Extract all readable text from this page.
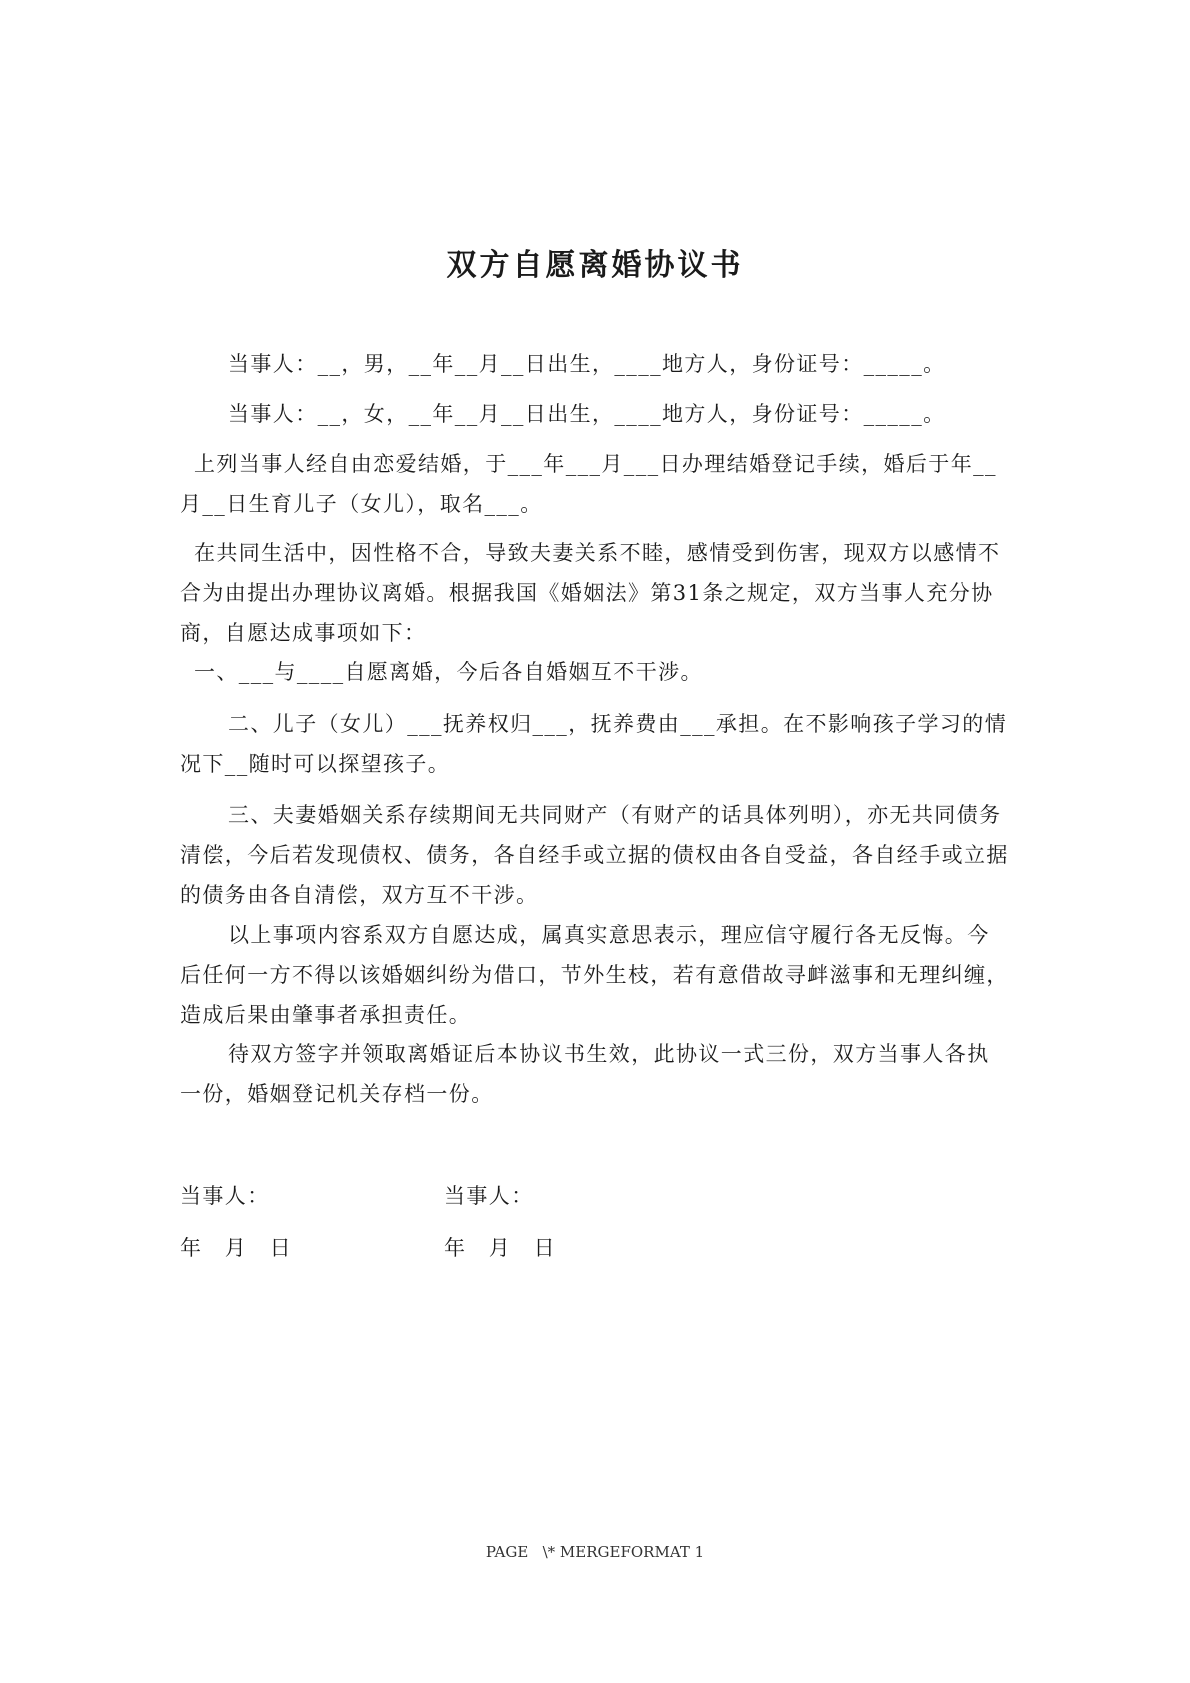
双方自愿离婚协议书

当事人：__，男，__年__月__日出生，____地方人，身份证号：_____。

当事人：__，女，__年__月__日出生，____地方人，身份证号：_____。

上列当事人经自由恋爱结婚，于___年___月___日办理结婚登记手续，婚后于年__月__日生育儿子（女儿），取名___。

在共同生活中，因性格不合，导致夫妻关系不睦，感情受到伤害，现双方以感情不合为由提出办理协议离婚。根据我国《婚姻法》第31条之规定，双方当事人充分协商，自愿达成事项如下：

一、___与____自愿离婚，今后各自婚姻互不干涉。

二、儿子（女儿）___抚养权归___，抚养费由___承担。在不影响孩子学习的情况下__随时可以探望孩子。

三、夫妻婚姻关系存续期间无共同财产（有财产的话具体列明），亦无共同债务清偿，今后若发现债权、债务，各自经手或立据的债权由各自受益，各自经手或立据的债务由各自清偿，双方互不干涉。

以上事项内容系双方自愿达成，属真实意思表示，理应信守履行各无反悔。今后任何一方不得以该婚姻纠纷为借口，节外生枝，若有意借故寻衅滋事和无理纠缠，造成后果由肇事者承担责任。

待双方签字并领取离婚证后本协议书生效，此协议一式三份，双方当事人各执一份，婚姻登记机关存档一份。

当事人：	当事人：

年　月　日	年　月　日

PAGE   \* MERGEFORMAT 1
